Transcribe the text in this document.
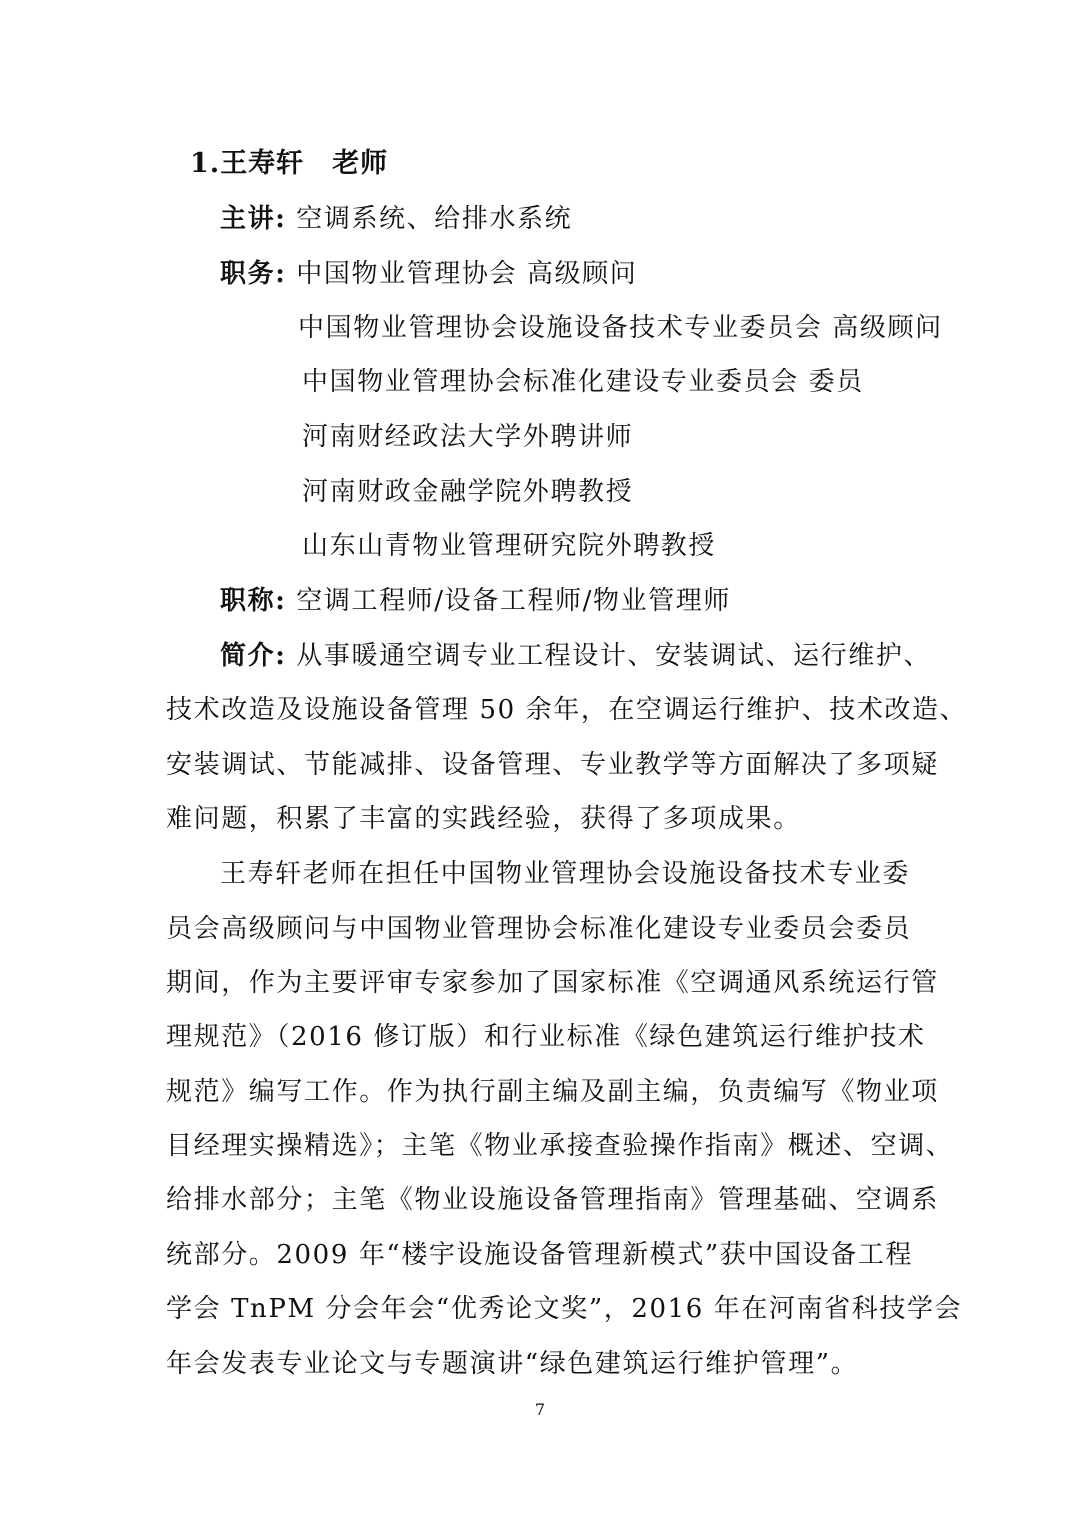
1.王寿轩 老师
主讲: 空调系统、给排水系统
职务: 中国物业管理协会 高级顾问
中国物业管理协会设施设备技术专业委员会 高级顾问
中国物业管理协会标准化建设专业委员会 委员
河南财经政法大学外聘讲师
河南财政金融学院外聘教授
山东山青物业管理研究院外聘教授
职称: 空调工程师/设备工程师/物业管理师
简介: 从事暖通空调专业工程设计、安装调试、运行维护、
技术改造及设施设备管理 50 余年，在空调运行维护、技术改造、
安装调试、节能减排、设备管理、专业教学等方面解决了多项疑
难问题，积累了丰富的实践经验，获得了多项成果。
王寿轩老师在担任中国物业管理协会设施设备技术专业委
员会高级顾问与中国物业管理协会标准化建设专业委员会委员
期间，作为主要评审专家参加了国家标准《空调通风系统运行管
理规范》（2016 修订版）和行业标准《绿色建筑运行维护技术
规范》编写工作。作为执行副主编及副主编，负责编写《物业项
目经理实操精选》；主笔《物业承接查验操作指南》概述、空调、
给排水部分；主笔《物业设施设备管理指南》管理基础、空调系
统部分。2009 年“楼宇设施设备管理新模式”获中国设备工程
学会 TnPM 分会年会“优秀论文奖”，2016 年在河南省科技学会
年会发表专业论文与专题演讲“绿色建筑运行维护管理”。
7
